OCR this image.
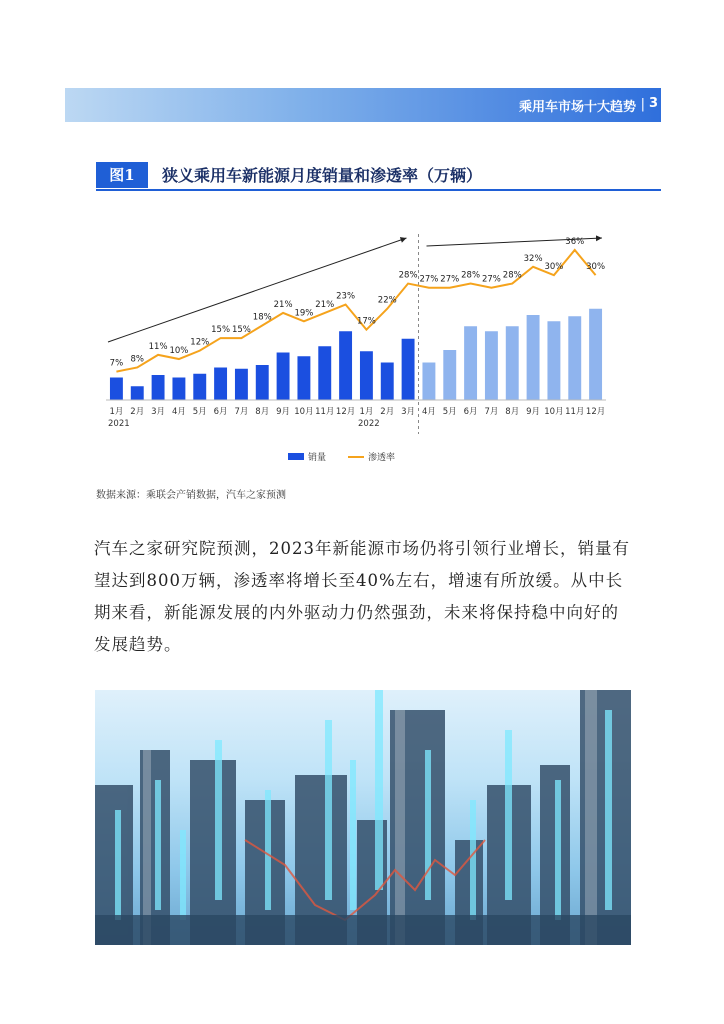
乘用车市场十大趋势 | 3
图1	狭义乘用车新能源月度销量和渗透率（万辆）
1月 2月 3月 4月 5月 6月 7月 8月 9月 10月 11月 12月 1月 2月 3月 4月 5月 6月 7月 8月 9月 10月 11月 12月
2021	2022
7% 8%
11% 10%
12%
15% 15%
18%
21%
19%
21%
23%
17%
22%
28% 27% 27% 28% 27% 28%
32%
30%
36%
30%
销量	渗透率
数据来源：乘联会产销数据，汽车之家预测
汽车之家研究院预测，2023年新能源市场仍将引领行业增长，销量有望达到800万辆，渗透率将增长至40%左右，增速有所放缓。从中长期来看，新能源发展的内外驱动力仍然强劲，未来将保持稳中向好的发展趋势。
